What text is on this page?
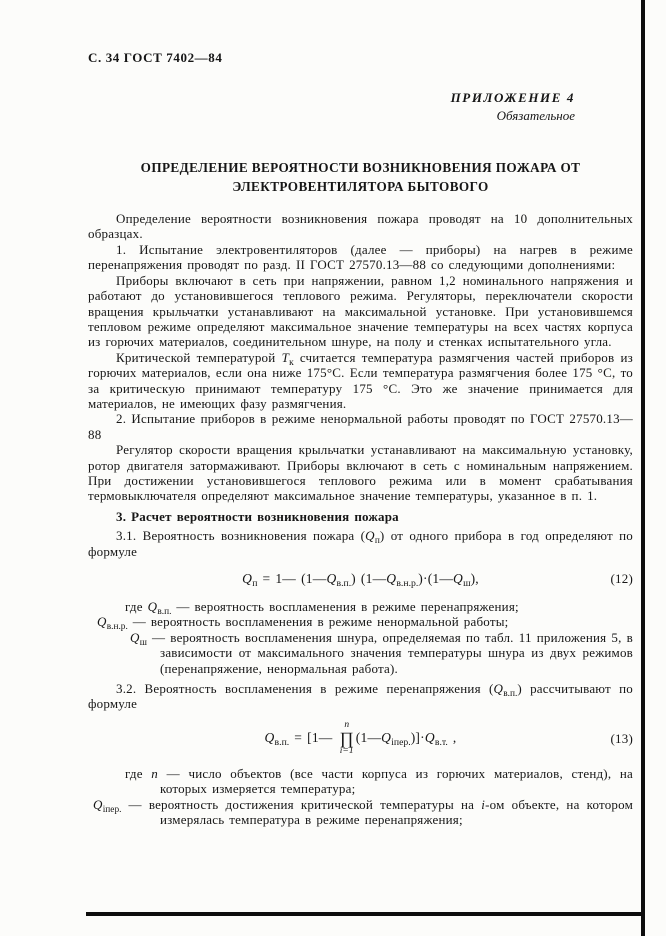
С. 34 ГОСТ 7402—84
ПРИЛОЖЕНИЕ 4
Обязательное
ОПРЕДЕЛЕНИЕ ВЕРОЯТНОСТИ ВОЗНИКНОВЕНИЯ ПОЖАРА ОТ
ЭЛЕКТРОВЕНТИЛЯТОРА БЫТОВОГО

Определение вероятности возникновения пожара проводят на 10 дополнительных образцах.

1. Испытание электровентиляторов (далее — приборы) на нагрев в режиме перенапряжения проводят по разд. II ГОСТ 27570.13—88 со следующими дополнениями:

Приборы включают в сеть при напряжении, равном 1,2 номинального напряжения и работают до установившегося теплового режима. Регуляторы, переключатели скорости вращения крыльчатки устанавливают на максимальной установке. При установившемся тепловом режиме определяют максимальное значение температуры на всех частях корпуса из горючих материалов, соединительном шнуре, на полу и стенках испытательного угла.

Критической температурой $Т_к$ считается температура размягчения частей приборов из горючих материалов, если она ниже 175°С. Если температура размягчения более 175 °С, то за критическую принимают температуру 175 °С. Это же значение принимается для материалов, не имеющих фазу размягчения.

2. Испытание приборов в режиме ненормальной работы проводят по ГОСТ 27570.13—88

Регулятор скорости вращения крыльчатки устанавливают на максимальную установку, ротор двигателя затормаживают. Приборы включают в сеть с номинальным напряжением. При достижении установившегося теплового режима или в момент срабатывания термовыключателя определяют максимальное значение температуры, указанное в п. 1.

3. Расчет вероятности возникновения пожара

3.1. Вероятность возникновения пожара $(Q_п)$ от одного прибора в год определяют по формуле

$Q_п$ = 1— $(1—Q_{в.п.})$ $(1—Q_{в.н.р.})\cdot(1—Q_ш)$,	(12)

где $Q_{в.п.}$ — вероятность воспламенения в режиме перенапряжения;

$Q_{в.н.р.}$ — вероятность воспламенения в режиме ненормальной работы;

$Q_ш$ — вероятность воспламенения шнура, определяемая по табл. 11 приложения 5, в зависимости от максимального значения температуры шнура из двух режимов (перенапряжение, ненормальная работа).

3.2. Вероятность воспламенения в режиме перенапряжения $(Q_{в.п.})$ рассчитывают по формуле

$Q_{в.п.}$ = [1—
n
∏
i=1
$(1—Q_{iпер.})]\cdot Q_{в.т.}$ ,	(13)

где n — число объектов (все части корпуса из горючих материалов, стенд), на которых измеряется температура;

$Q_{iпер.}$ — вероятность достижения критической температуры на i-ом объекте, на котором измерялась температура в режиме перенапряжения;
